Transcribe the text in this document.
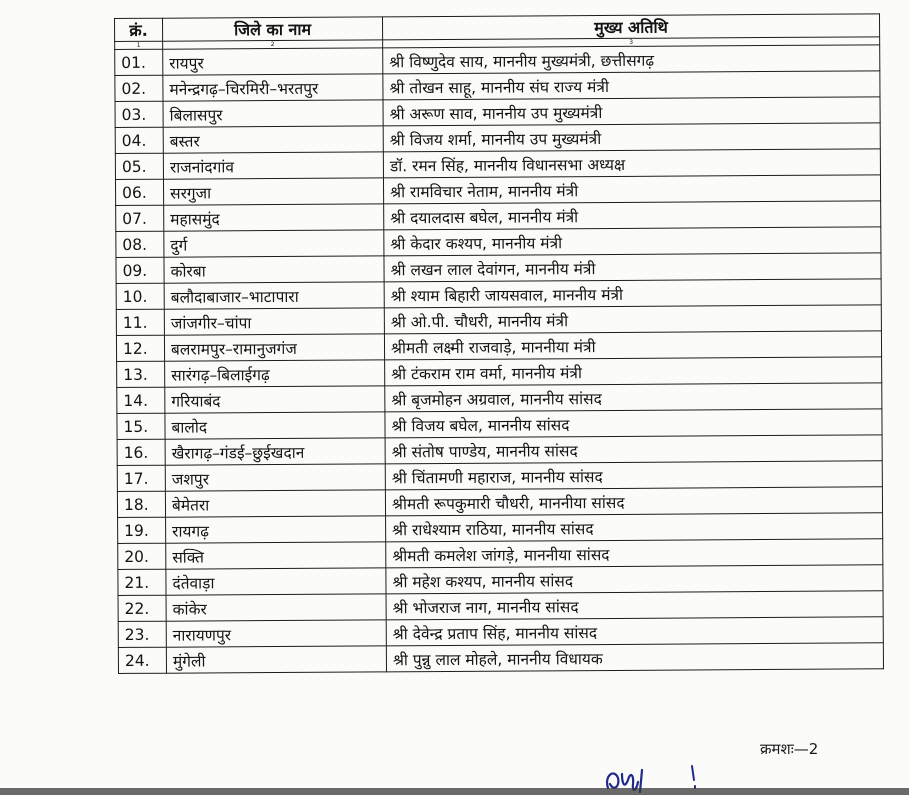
क्रं.	जिले का नाम	मुख्य अतिथि
1	2	3
01.	रायपुर	श्री विष्णुदेव साय, माननीय मुख्यमंत्री, छत्तीसगढ़
02.	मनेन्द्रगढ़–चिरमिरी–भरतपुर	श्री तोखन साहू, माननीय संघ राज्य मंत्री
03.	बिलासपुर	श्री अरूण साव, माननीय उप मुख्यमंत्री
04.	बस्तर	श्री विजय शर्मा, माननीय उप मुख्यमंत्री
05.	राजनांदगांव	डॉ. रमन सिंह, माननीय विधानसभा अध्यक्ष
06.	सरगुजा	श्री रामविचार नेताम, माननीय मंत्री
07.	महासमुंद	श्री दयालदास बघेल, माननीय मंत्री
08.	दुर्ग	श्री केदार कश्यप, माननीय मंत्री
09.	कोरबा	श्री लखन लाल देवांगन, माननीय मंत्री
10.	बलौदाबाजार–भाटापारा	श्री श्याम बिहारी जायसवाल, माननीय मंत्री
11.	जांजगीर–चांपा	श्री ओ.पी. चौधरी, माननीय मंत्री
12.	बलरामपुर–रामानुजगंज	श्रीमती लक्ष्मी राजवाड़े, माननीया मंत्री
13.	सारंगढ़–बिलाईगढ़	श्री टंकराम राम वर्मा, माननीय मंत्री
14.	गरियाबंद	श्री बृजमोहन अग्रवाल, माननीय सांसद
15.	बालोद	श्री विजय बघेल, माननीय सांसद
16.	खैरागढ़–गंडई–छुईखदान	श्री संतोष पाण्डेय, माननीय सांसद
17.	जशपुर	श्री चिंतामणी महाराज, माननीय सांसद
18.	बेमेतरा	श्रीमती रूपकुमारी चौधरी, माननीया सांसद
19.	रायगढ़	श्री राधेश्याम राठिया, माननीय सांसद
20.	सक्ति	श्रीमती कमलेश जांगड़े, माननीया सांसद
21.	दंतेवाड़ा	श्री महेश कश्यप, माननीय सांसद
22.	कांकेर	श्री भोजराज नाग, माननीय सांसद
23.	नारायणपुर	श्री देवेन्द्र प्रताप सिंह, माननीय सांसद
24.	मुंगेली	श्री पुन्नु लाल मोहले, माननीय विधायक
क्रमशः—2
